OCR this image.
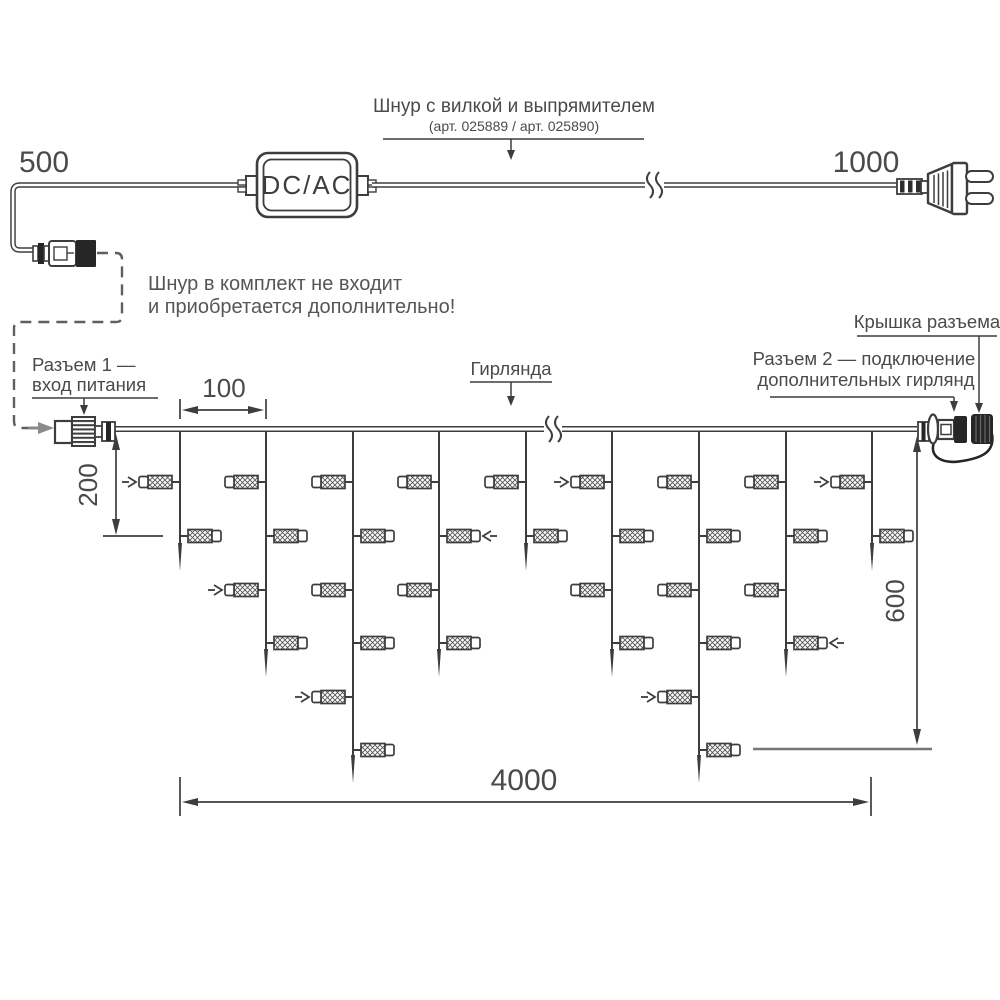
500	1000
DC/AC
Шнур с вилкой и выпрямителем
(арт. 025889 / арт. 025890)
Шнур в комплект не входит
и приобретается дополнительно!
Разъем 1 —
вход питания
Гирлянда
Крышка разъема
Разъем 2 — подключение
дополнительных гирлянд
100
200
600
4000
